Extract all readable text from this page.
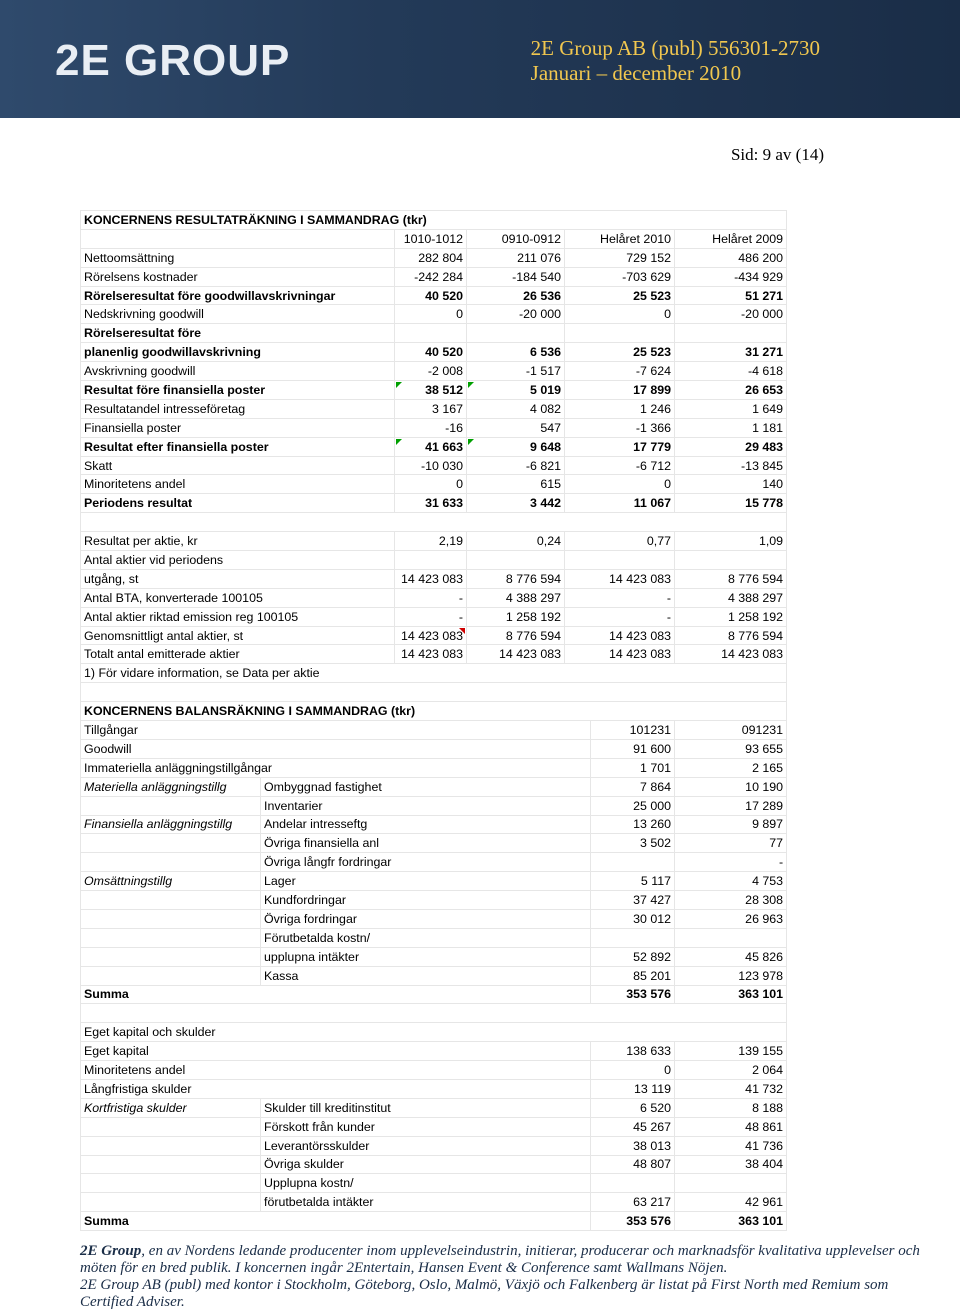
2E GROUP	2E Group AB (publ) 556301-2730
Januari – december 2010
Sid: 9 av (14)
KONCERNENS RESULTATRÄKNING I SAMMANDRAG (tkr)						
		1010-1012	0910-0912	Helåret 2010		Helåret 2009
Nettoomsättning		282 804	211 076	729 152		486 200
Rörelsens kostnader		-242 284	-184 540	-703 629		-434 929
Rörelseresultat före goodwillavskrivningar		40 520	26 536	25 523		51 271
Nedskrivning goodwill		0	-20 000	0		-20 000
Rörelseresultat före						
planenlig goodwillavskrivning		40 520	6 536	25 523		31 271
Avskrivning goodwill		-2 008	-1 517	-7 624		-4 618
Resultat före finansiella poster		38 512	5 019	17 899		26 653
Resultatandel intresseföretag		3 167	4 082	1 246		1 649
Finansiella poster		-16	547	-1 366		1 181
Resultat efter finansiella poster		41 663	9 648	17 779		29 483
Skatt		-10 030	-6 821	-6 712		-13 845
Minoritetens andel		0	615	0		140
Periodens resultat		31 633	3 442	11 067		15 778

Resultat per aktie, kr		2,19	0,24	0,77		1,09
Antal aktier vid periodens						
utgång, st		14 423 083	8 776 594	14 423 083		8 776 594
Antal BTA, konverterade 100105		-	4 388 297	-		4 388 297
Antal aktier riktad emission reg 100105		-	1 258 192	-		1 258 192
Genomsnittligt antal aktier, st		14 423 083	8 776 594	14 423 083		8 776 594
Totalt antal emitterade aktier		14 423 083	14 423 083	14 423 083		14 423 083
1) För vidare information, se Data per aktie						

KONCERNENS BALANSRÄKNING I SAMMANDRAG (tkr)						
Tillgångar					101231	091231
Goodwill					91 600	93 655
Immateriella anläggningstillgångar					1 701	2 165
Materiella anläggningstillg	Ombyggnad fastighet				7 864	10 190
	Inventarier				25 000	17 289
Finansiella anläggningstillg	Andelar intresseftg				13 260	9 897
	Övriga finansiella anl				3 502	77
	Övriga långfr fordringar					-
Omsättningstillg	Lager				5 117	4 753
	Kundfordringar				37 427	28 308
	Övriga fordringar				30 012	26 963
	Förutbetalda kostn/					
	upplupna intäkter				52 892	45 826
	Kassa				85 201	123 978
Summa					353 576	363 101

Eget kapital och skulder						
Eget kapital					138 633	139 155
Minoritetens andel					0	2 064
Långfristiga skulder					13 119	41 732
Kortfristiga skulder	Skulder till kreditinstitut				6 520	8 188
	Förskott från kunder				45 267	48 861
	Leverantörsskulder				38 013	41 736
	Övriga skulder				48 807	38 404
	Upplupna kostn/					
	förutbetalda intäkter				63 217	42 961
Summa					353 576	363 101
2E Group, en av Nordens ledande producenter inom upplevelseindustrin, initierar, producerar och marknadsför kvalitativa upplevelser och möten för en bred publik. I koncernen ingår 2Entertain, Hansen Event & Conference samt Wallmans Nöjen.
2E Group AB (publ) med kontor i Stockholm, Göteborg, Oslo, Malmö, Växjö och Falkenberg är listat på First North med Remium som Certified Adviser.
